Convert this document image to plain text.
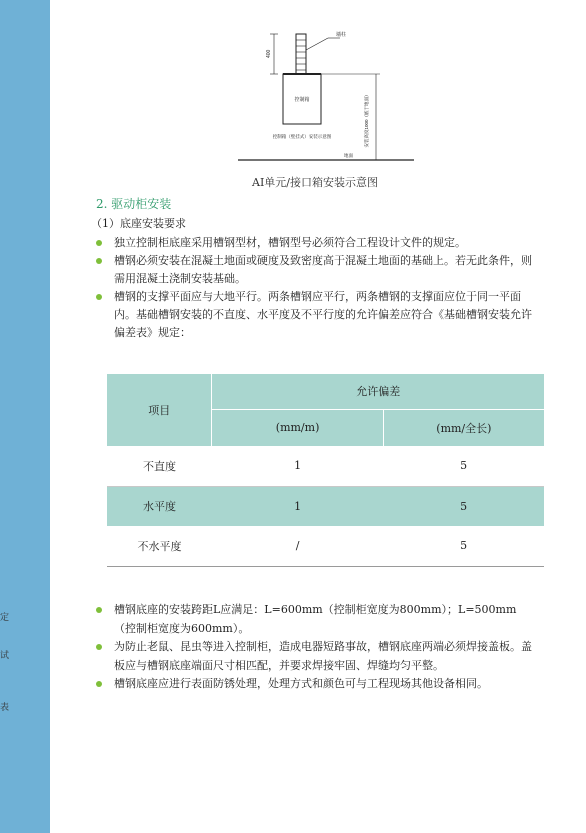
定
试
表
墙柱
400
控制箱
控制箱（壁挂式）安装示意图	安装高度1000（底于地面）
地面
AI单元/接口箱安装示意图
2. 驱动柜安装
（1）底座安装要求
独立控制柜底座采用槽钢型材，槽钢型号必须符合工程设计文件的规定。
槽钢必须安装在混凝土地面或硬度及致密度高于混凝土地面的基础上。若无此条件，则需用混凝土浇制安装基础。
槽钢的支撑平面应与大地平行。两条槽钢应平行，两条槽钢的支撑面应位于同一平面内。基础槽钢安装的不直度、水平度及不平行度的允许偏差应符合《基础槽钢安装允许偏差表》规定：
项目	允许偏差	
	(mm/m)	(mm/全长)
不直度	1	5
水平度	1	5
不水平度	/	5
槽钢底座的安装跨距L应满足：L=600mm（控制柜宽度为800mm）；L=500mm（控制柜宽度为600mm）。
为防止老鼠、昆虫等进入控制柜，造成电器短路事故，槽钢底座两端必须焊接盖板。盖板应与槽钢底座端面尺寸相匹配，并要求焊接牢固、焊缝均匀平整。
槽钢底座应进行表面防锈处理，处理方式和颜色可与工程现场其他设备相同。
